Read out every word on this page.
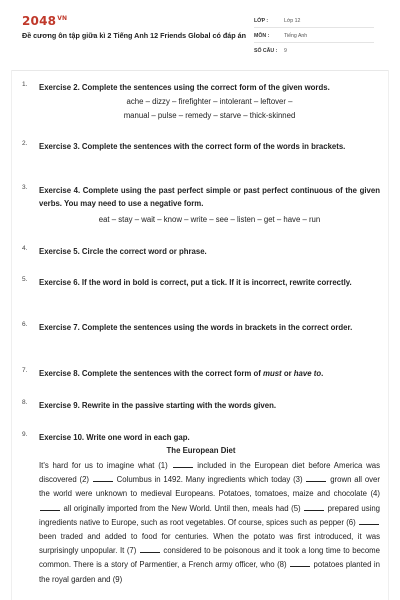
$2048^{VN}$
Đề cương ôn tập giữa kì 2 Tiếng Anh 12 Friends Global có đáp án
LỚP :	Lớp 12
MÔN :	Tiếng Anh
SỐ CÂU :	9
1. Exercise 2. Complete the sentences using the correct form of the given words.
ache – dizzy – firefighter – intolerant – leftover –
manual – pulse – remedy – starve – thick-skinned
2. Exercise 3. Complete the sentences with the correct form of the words in brackets.
3. Exercise 4. Complete using the past perfect simple or past perfect continuous of the given verbs. You may need to use a negative form.
eat – stay – wait – know – write – see – listen – get – have – run
4. Exercise 5. Circle the correct word or phrase.
5. Exercise 6. If the word in bold is correct, put a tick. If it is incorrect, rewrite correctly.
6. Exercise 7. Complete the sentences using the words in brackets in the correct order.
7. Exercise 8. Complete the sentences with the correct form of must or have to.
8. Exercise 9. Rewrite in the passive starting with the words given.
9. Exercise 10. Write one word in each gap.
The European Diet
It's hard for us to imagine what (1)	included in the European diet before America was discovered (2)	Columbus in 1492. Many ingredients which today (3)	grown all over the world were unknown to medieval Europeans. Potatoes, tomatoes, maize and chocolate (4)  all originally imported from the New World. Until then, meals had (5)	prepared using ingredients native to Europe, such as root vegetables. Of course, spices such as pepper (6)  been traded and added to food for centuries. When the potato was first introduced, it was surprisingly unpopular. It (7)	considered to be poisonous and it took a long time to become common. There is a story of Parmentier, a French army officer, who (8)	potatoes planted in the royal garden and (9)
